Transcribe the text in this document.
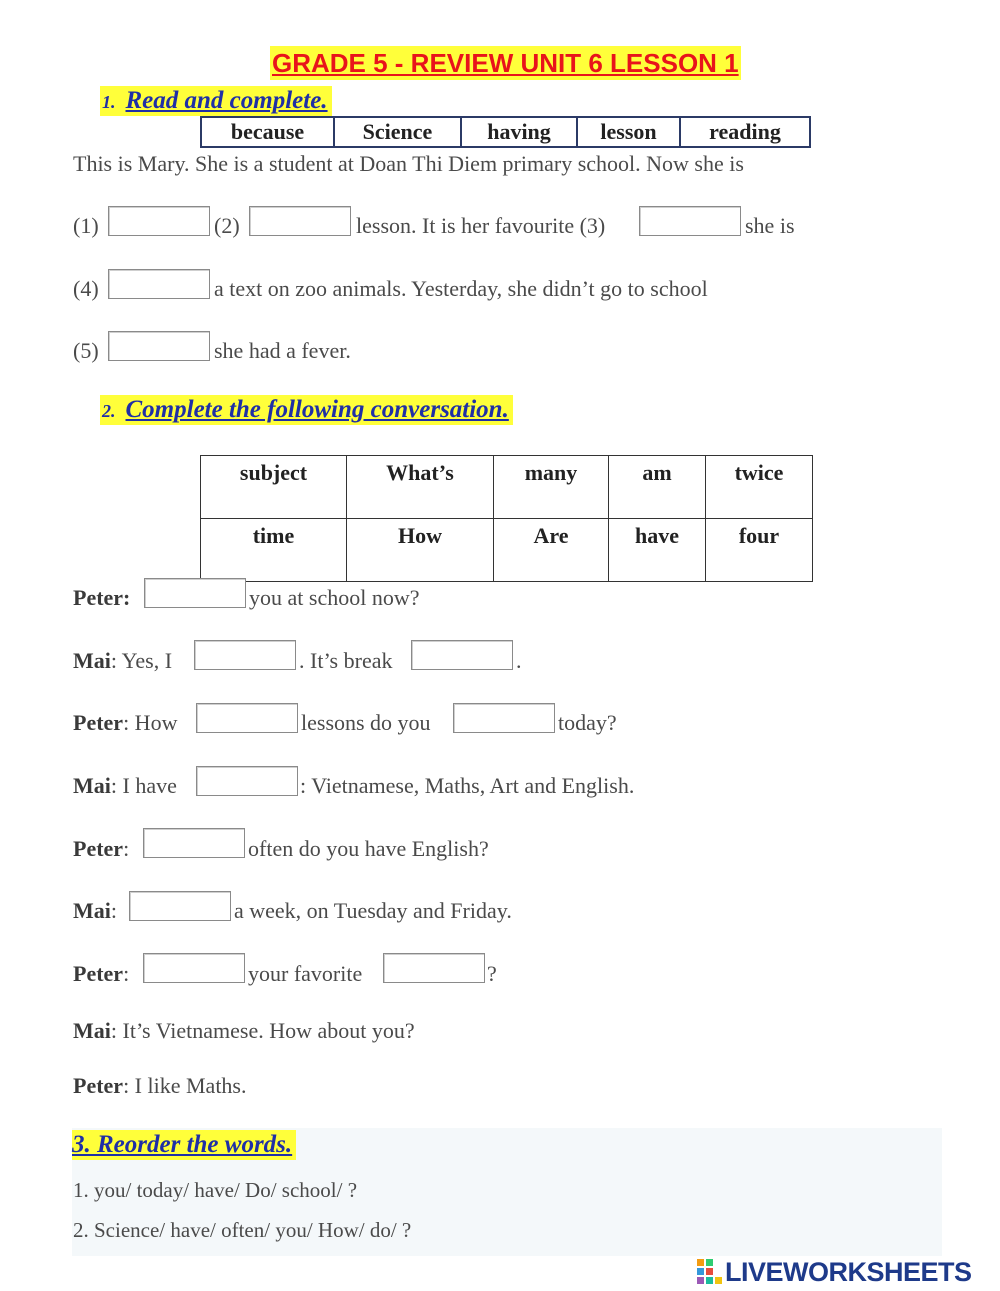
GRADE 5 - REVIEW UNIT 6 LESSON 1
1. Read and complete.
because	Science	having	lesson	reading
This is Mary. She is a student at Doan Thi Diem primary school. Now she is
(1)	(2)	lesson. It is her favourite (3)	she is
(4)	a text on zoo animals. Yesterday, she didn’t go to school
(5)	she had a fever.
2. Complete the following conversation.
subject	What’s	many	am	twice
time	How	Are	have	four
Peter:	you at school now?
Mai: Yes, I	. It’s break	.
Peter: How	lessons do you	today?
Mai: I have	: Vietnamese, Maths, Art and English.
Peter:	often do you have English?
Mai:	a week, on Tuesday and Friday.
Peter:	your favorite	?
Mai: It’s Vietnamese. How about you?
Peter: I like Maths.
3. Reorder the words.
1. you/ today/ have/ Do/ school/ ?
2. Science/ have/ often/ you/ How/ do/ ?
LIVEWORKSHEETS
